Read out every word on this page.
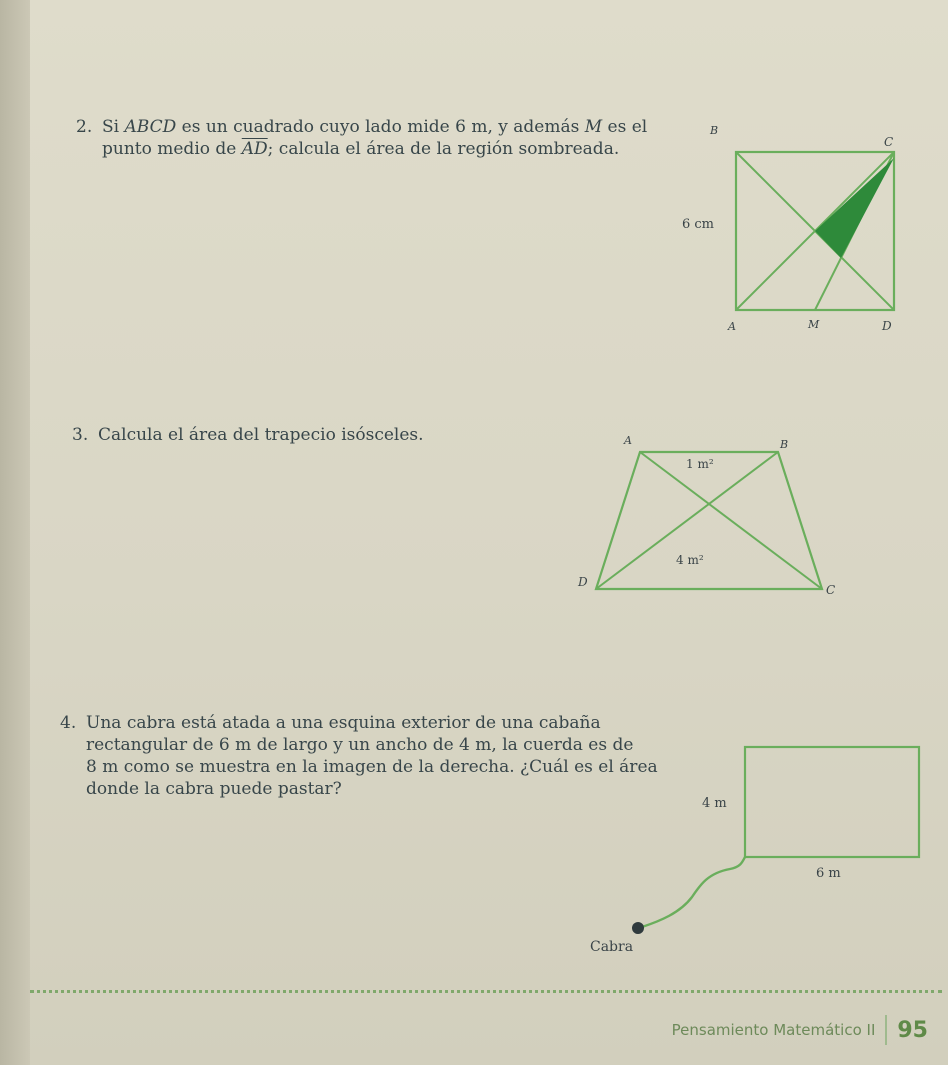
2. Si ABCD es un cuadrado cuyo lado mide 6 m, y además M es el
punto medio de $\overline{AD}$; calcula el área de la región sombreada.
B
C
6 cm
A	M	D
3. Calcula el área del trapecio isósceles.	A	B
1 m²
4 m²
D
C
4. Una cabra está atada a una esquina exterior de una cabaña
rectangular de 6 m de largo y un ancho de 4 m, la cuerda es de
8 m como se muestra en la imagen de la derecha. ¿Cuál es el área
donde la cabra puede pastar?
4 m
6 m
Cabra
Pensamiento Matemático II 95
